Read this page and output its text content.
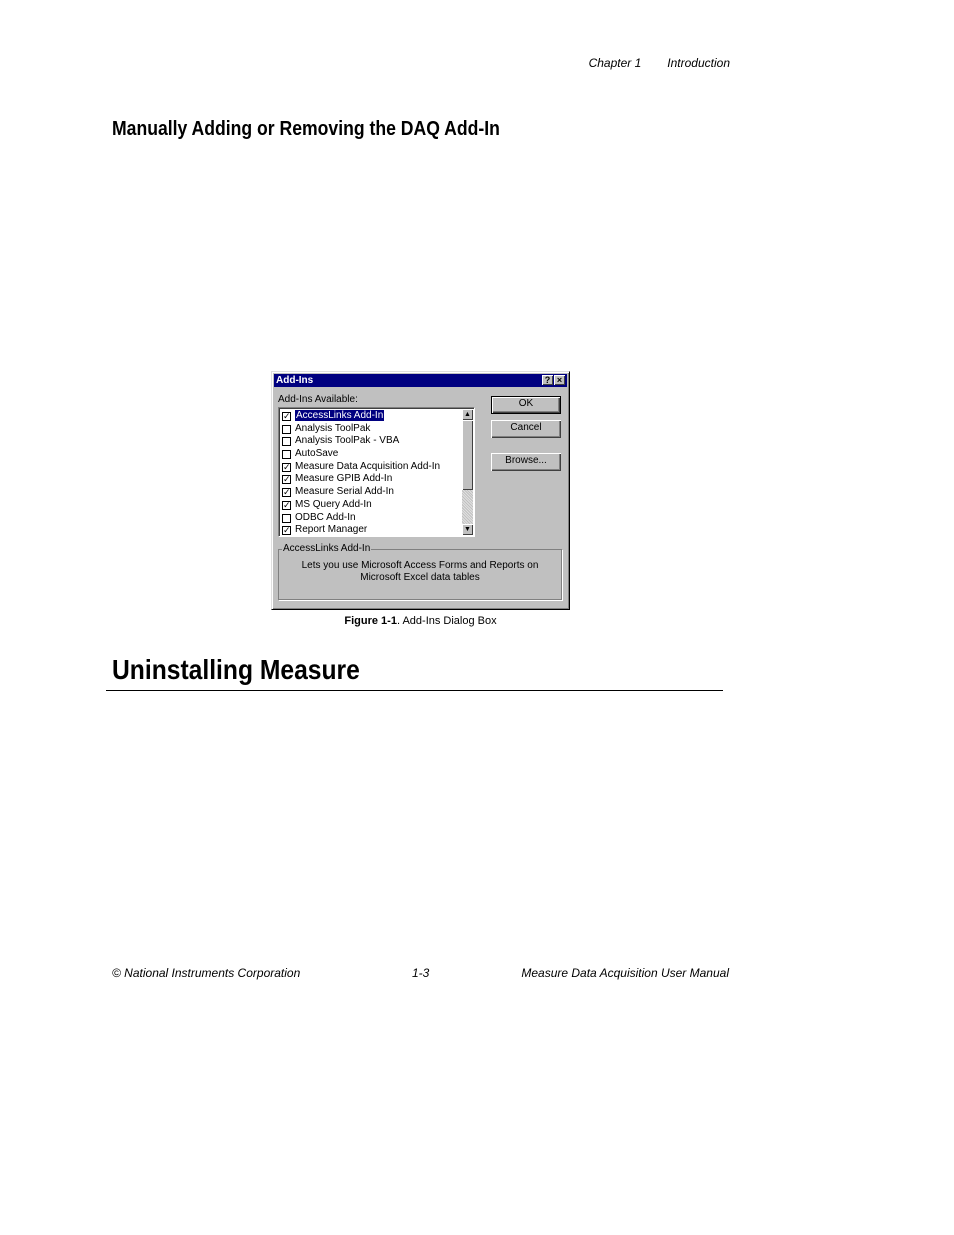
Chapter 1 Introduction
Manually Adding or Removing the DAQ Add-In
Add-Ins	? ×
Add-Ins Available:
✓ AccessLinks Add-In
Analysis ToolPak
Analysis ToolPak - VBA
AutoSave
✓ Measure Data Acquisition Add-In
✓ Measure GPIB Add-In
✓ Measure Serial Add-In
✓ MS Query Add-In
ODBC Add-In
✓ Report Manager
▲
▼
OK
Cancel
Browse...
AccessLinks Add-In
Lets you use Microsoft Access Forms and Reports on Microsoft Excel data tables
Figure 1-1. Add-Ins Dialog Box
Uninstalling Measure
© National Instruments Corporation	1-3	Measure Data Acquisition User Manual
